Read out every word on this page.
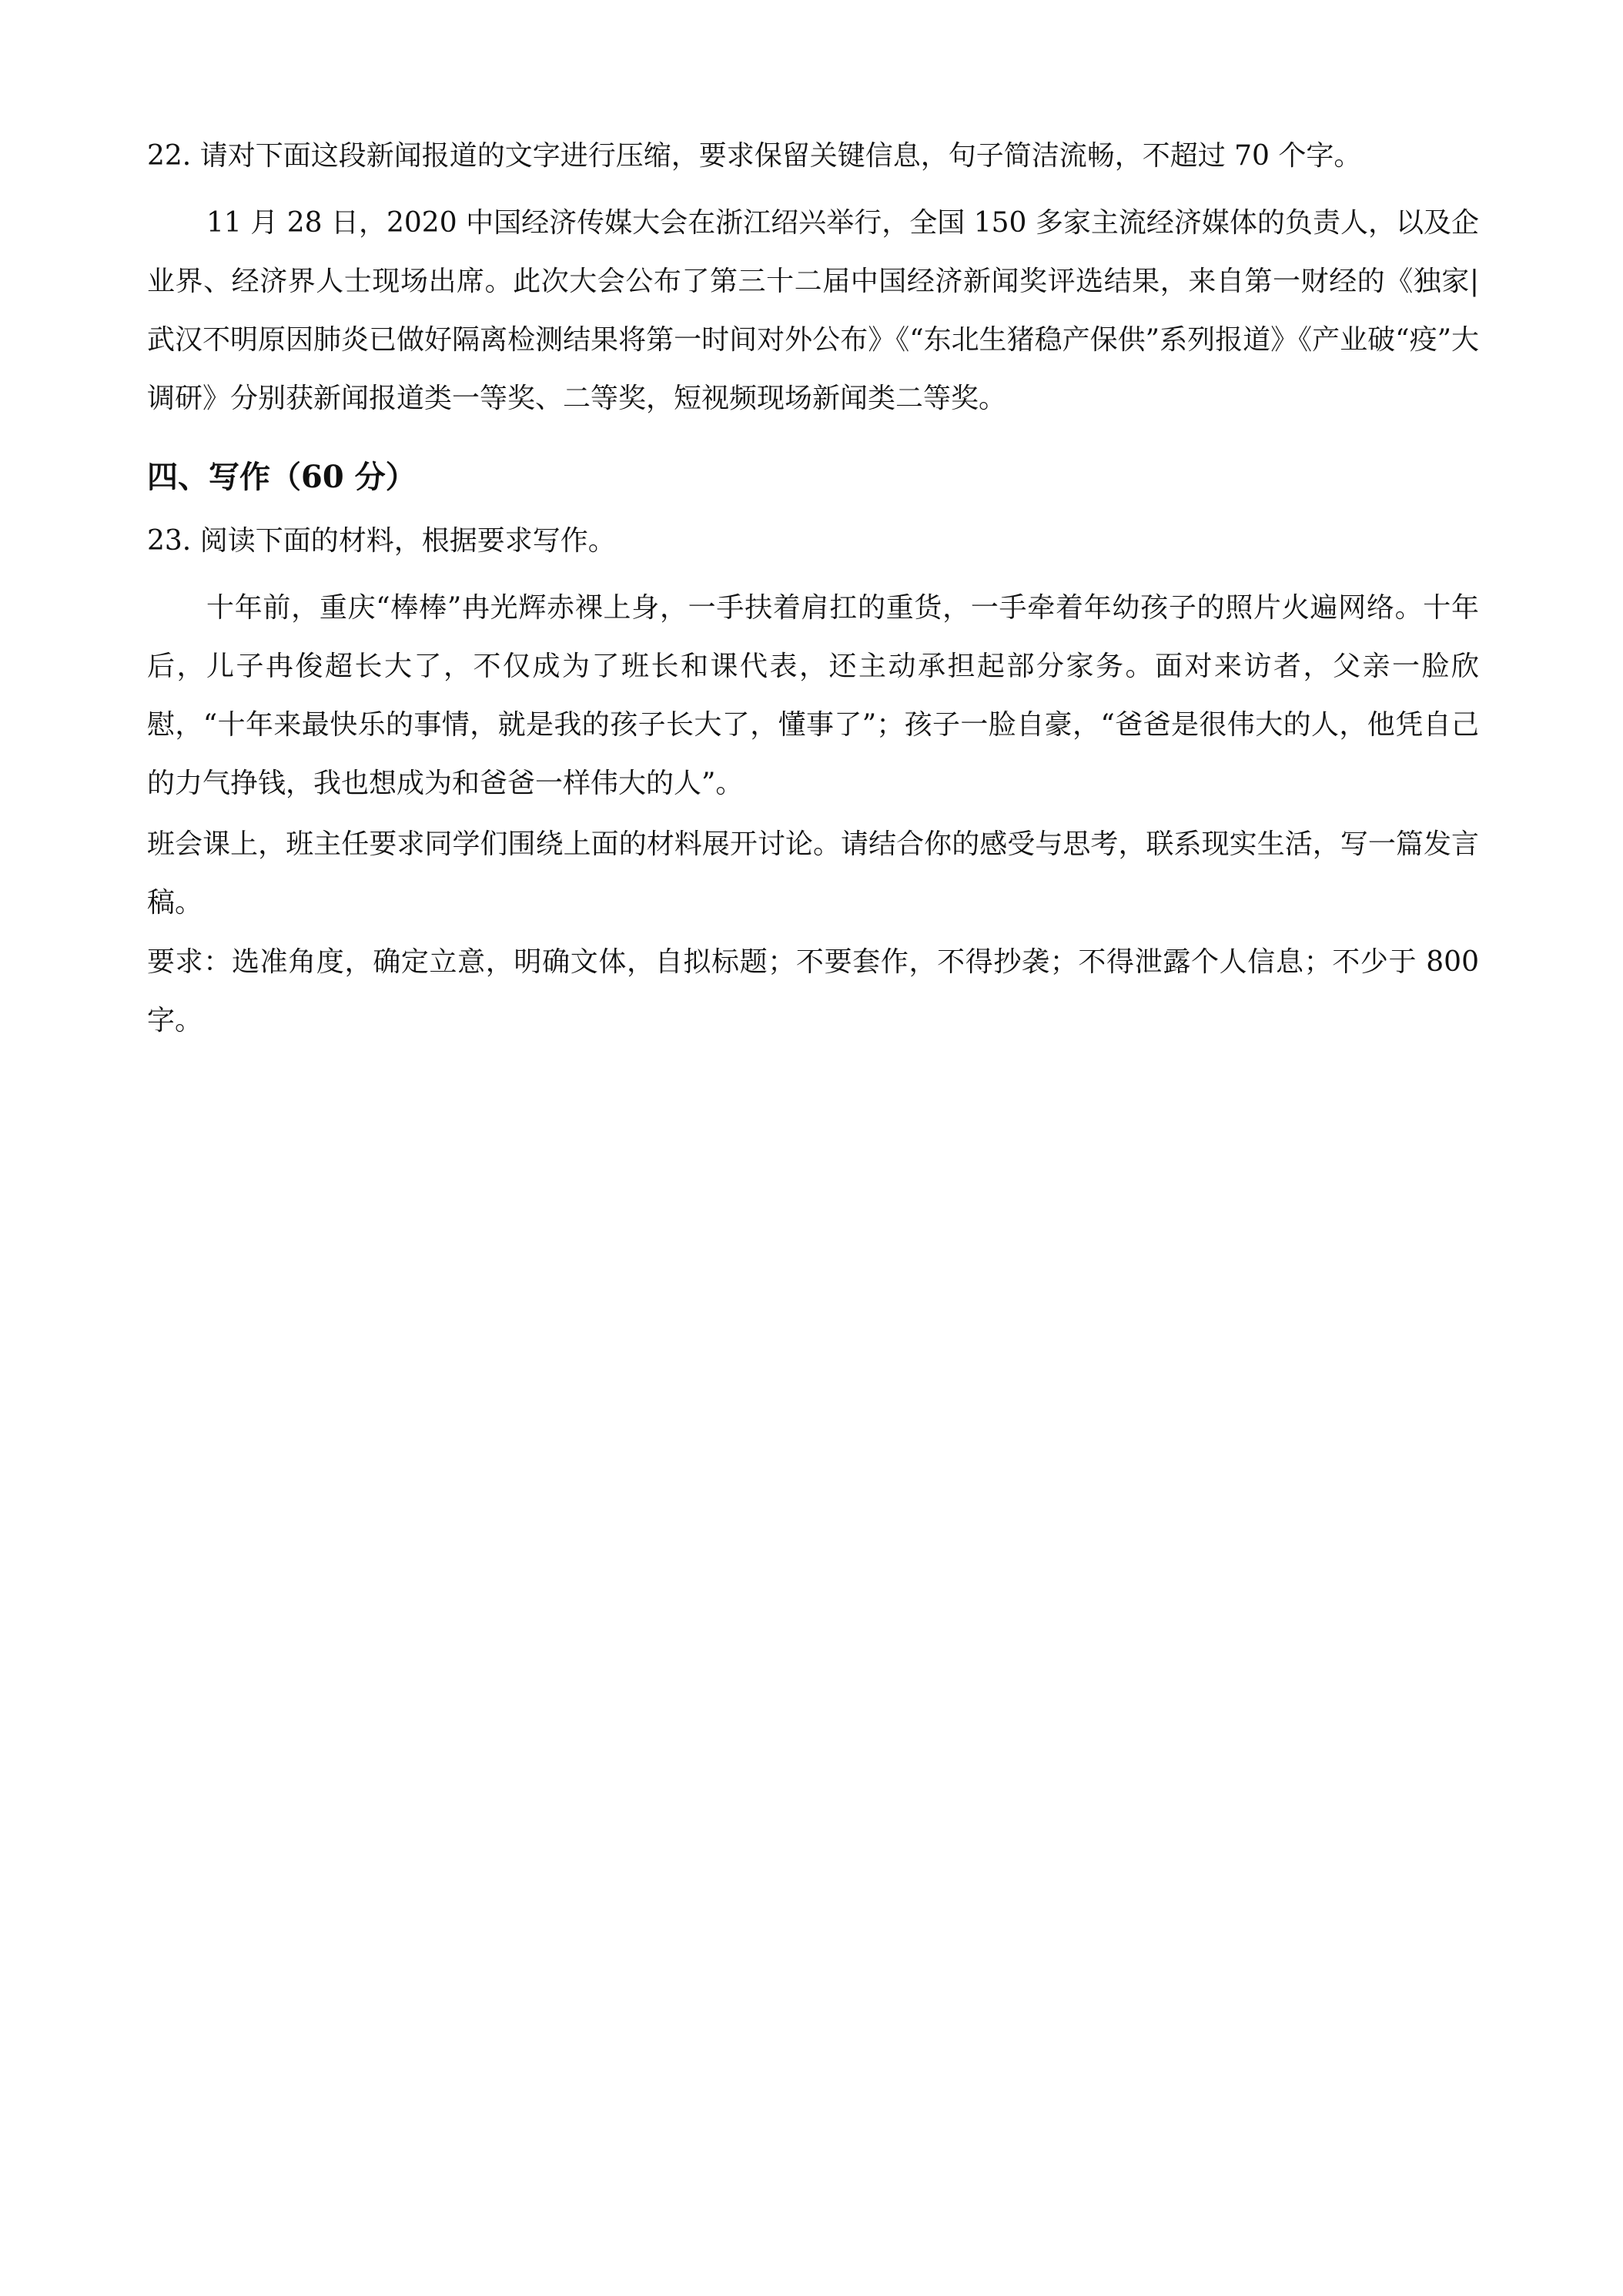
22. 请对下面这段新闻报道的文字进行压缩，要求保留关键信息，句子简洁流畅，不超过 70 个字。
11 月 28 日，2020 中国经济传媒大会在浙江绍兴举行，全国 150 多家主流经济媒体的负责人，以及企业界、经济界人士现场出席。此次大会公布了第三十二届中国经济新闻奖评选结果，来自第一财经的《独家|武汉不明原因肺炎已做好隔离检测结果将第一时间对外公布》《“东北生猪稳产保供”系列报道》《产业破“疫”大调研》分别获新闻报道类一等奖、二等奖，短视频现场新闻类二等奖。
四、写作（60 分）
23. 阅读下面的材料，根据要求写作。
十年前，重庆“棒棒”冉光辉赤裸上身，一手扶着肩扛的重货，一手牵着年幼孩子的照片火遍网络。十年后，儿子冉俊超长大了，不仅成为了班长和课代表，还主动承担起部分家务。面对来访者，父亲一脸欣慰，“十年来最快乐的事情，就是我的孩子长大了，懂事了”；孩子一脸自豪，“爸爸是很伟大的人，他凭自己的力气挣钱，我也想成为和爸爸一样伟大的人”。
班会课上，班主任要求同学们围绕上面的材料展开讨论。请结合你的感受与思考，联系现实生活，写一篇发言稿。
要求：选准角度，确定立意，明确文体，自拟标题；不要套作，不得抄袭；不得泄露个人信息；不少于 800 字。
